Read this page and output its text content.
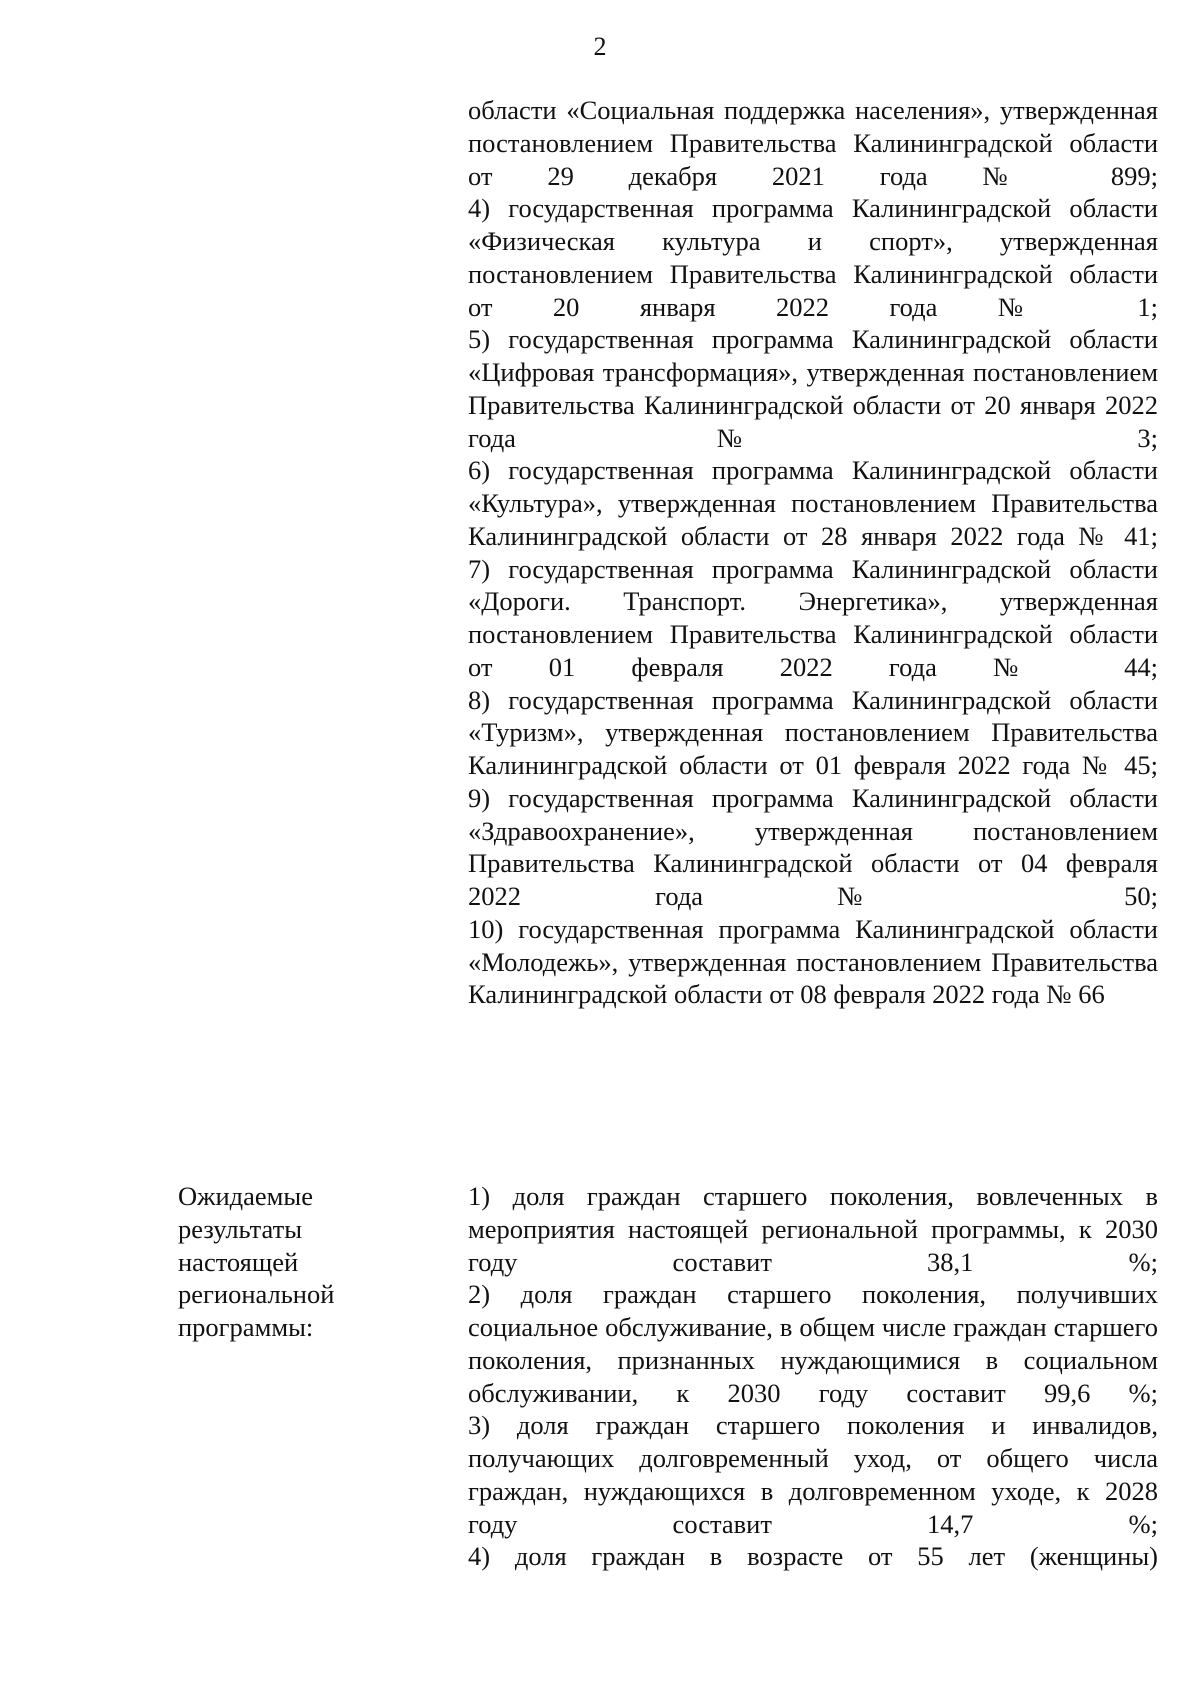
2

области «Социальная поддержка населения», утвержденная постановлением Правительства Калининградской области от 29 декабря 2021 года № 899;

4) государственная программа Калининградской области «Физическая культура и спорт», утвержденная постановлением Правительства Калининградской области от 20 января 2022 года № 1;

5) государственная программа Калининградской области «Цифровая трансформация», утвержденная постановлением Правительства Калининградской области от 20 января 2022 года № 3;

6) государственная программа Калининградской области «Культура», утвержденная постановлением Правительства Калининградской области от 28 января 2022 года № 41;

7) государственная программа Калининградской области «Дороги. Транспорт. Энергетика», утвержденная постановлением Правительства Калининградской области от 01 февраля 2022 года № 44;

8) государственная программа Калининградской области «Туризм», утвержденная постановлением Правительства Калининградской области от 01 февраля 2022 года № 45;

9) государственная программа Калининградской области «Здравоохранение», утвержденная постановлением Правительства Калининградской области от 04 февраля 2022 года № 50;

10) государственная программа Калининградской области «Молодежь», утвержденная постановлением Правительства Калининградской области от 08 февраля 2022 года № 66

Ожидаемые результаты настоящей региональной программы:

1) доля граждан старшего поколения, вовлеченных в мероприятия настоящей региональной программы, к 2030 году составит 38,1 %;

2) доля граждан старшего поколения, получивших социальное обслуживание, в общем числе граждан старшего поколения, признанных нуждающимися в социальном обслуживании, к 2030 году составит 99,6 %;

3) доля граждан старшего поколения и инвалидов, получающих долговременный уход, от общего числа граждан, нуждающихся в долговременном уходе, к 2028 году составит 14,7 %;

4) доля граждан в возрасте от 55 лет (женщины)
